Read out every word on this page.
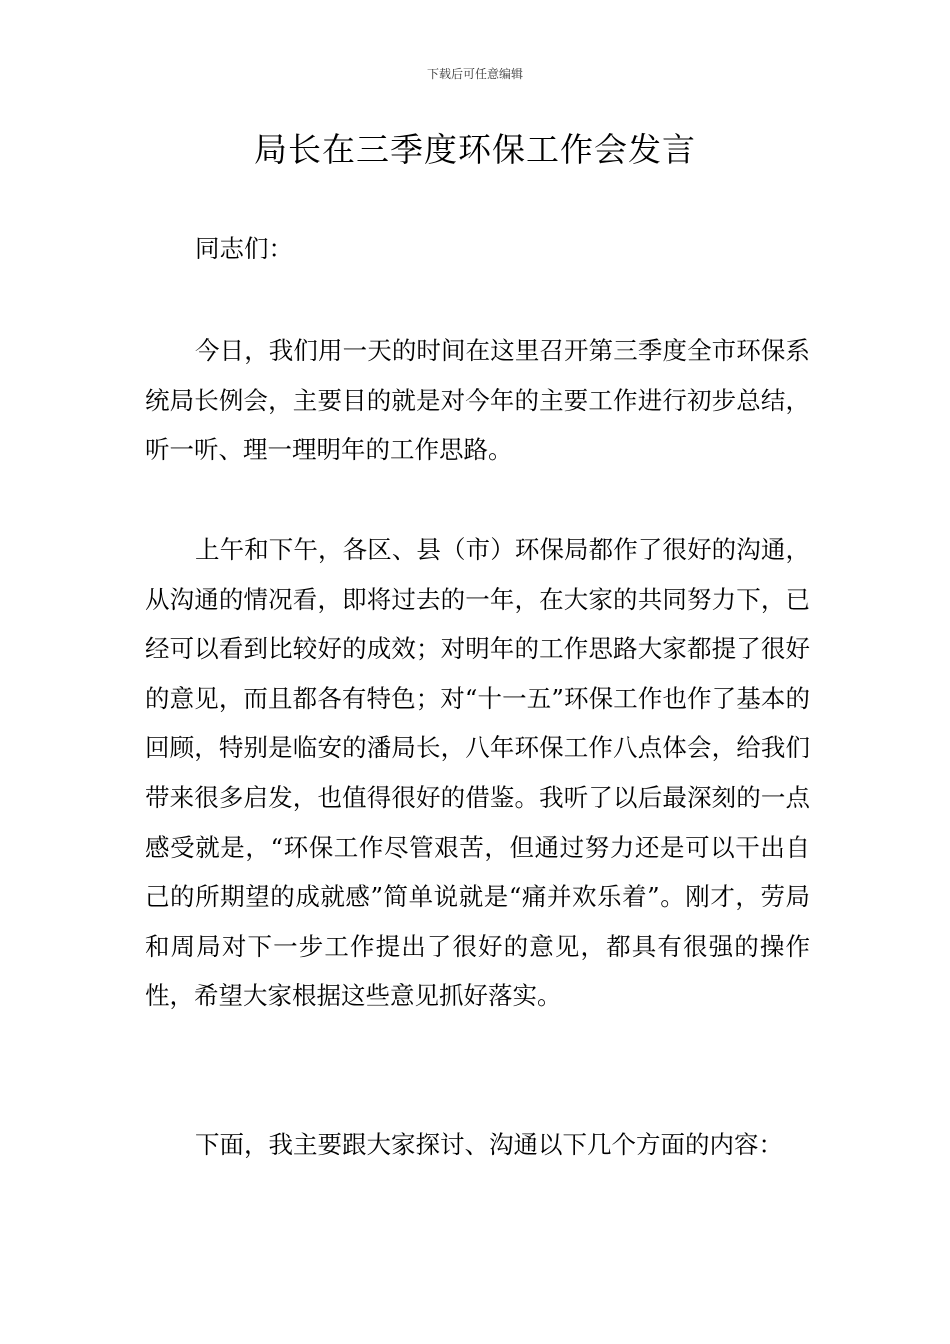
下载后可任意编辑
局长在三季度环保工作会发言

同志们：

今日，我们用一天的时间在这里召开第三季度全市环保系统局长例会，主要目的就是对今年的主要工作进行初步总结，听一听、理一理明年的工作思路。

上午和下午，各区、县（市）环保局都作了很好的沟通，从沟通的情况看，即将过去的一年，在大家的共同努力下，已经可以看到比较好的成效；对明年的工作思路大家都提了很好的意见，而且都各有特色；对“十一五”环保工作也作了基本的回顾，特别是临安的潘局长，八年环保工作八点体会，给我们带来很多启发，也值得很好的借鉴。我听了以后最深刻的一点感受就是，“环保工作尽管艰苦，但通过努力还是可以干出自己的所期望的成就感”简单说就是“痛并欢乐着”。刚才，劳局和周局对下一步工作提出了很好的意见，都具有很强的操作性，希望大家根据这些意见抓好落实。

下面，我主要跟大家探讨、沟通以下几个方面的内容：
